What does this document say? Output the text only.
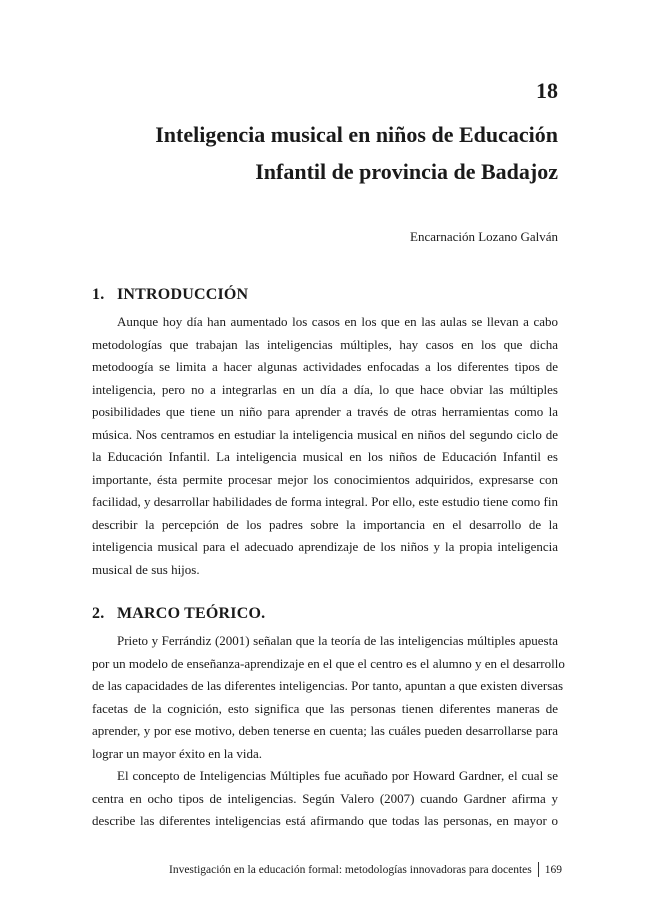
18
Inteligencia musical en niños de Educación
Infantil de provincia de Badajoz
Encarnación Lozano Galván
1. INTRODUCCIÓN
Aunque hoy día han aumentado los casos en los que en las aulas se llevan a cabo
metodologías que trabajan las inteligencias múltiples, hay casos en los que dicha
metodoogía se limita a hacer algunas actividades enfocadas a los diferentes tipos de
inteligencia, pero no a integrarlas en un día a día, lo que hace obviar las múltiples
posibilidades que tiene un niño para aprender a través de otras herramientas como la
música. Nos centramos en estudiar la inteligencia musical en niños del segundo ciclo de
la Educación Infantil. La inteligencia musical en los niños de Educación Infantil es
importante, ésta permite procesar mejor los conocimientos adquiridos, expresarse con
facilidad, y desarrollar habilidades de forma integral. Por ello, este estudio tiene como fin
describir la percepción de los padres sobre la importancia en el desarrollo de la
inteligencia musical para el adecuado aprendizaje de los niños y la propia inteligencia
musical de sus hijos.
2. MARCO TEÓRICO.
Prieto y Ferrándiz (2001) señalan que la teoría de las inteligencias múltiples apuesta
por un modelo de enseñanza-aprendizaje en el que el centro es el alumno y en el desarrollo
de las capacidades de las diferentes inteligencias. Por tanto, apuntan a que existen diversas
facetas de la cognición, esto significa que las personas tienen diferentes maneras de
aprender, y por ese motivo, deben tenerse en cuenta; las cuáles pueden desarrollarse para
lograr un mayor éxito en la vida.
El concepto de Inteligencias Múltiples fue acuñado por Howard Gardner, el cual se
centra en ocho tipos de inteligencias. Según Valero (2007) cuando Gardner afirma y
describe las diferentes inteligencias está afirmando que todas las personas, en mayor o
Investigación en la educación formal: metodologías innovadoras para docentes 169
